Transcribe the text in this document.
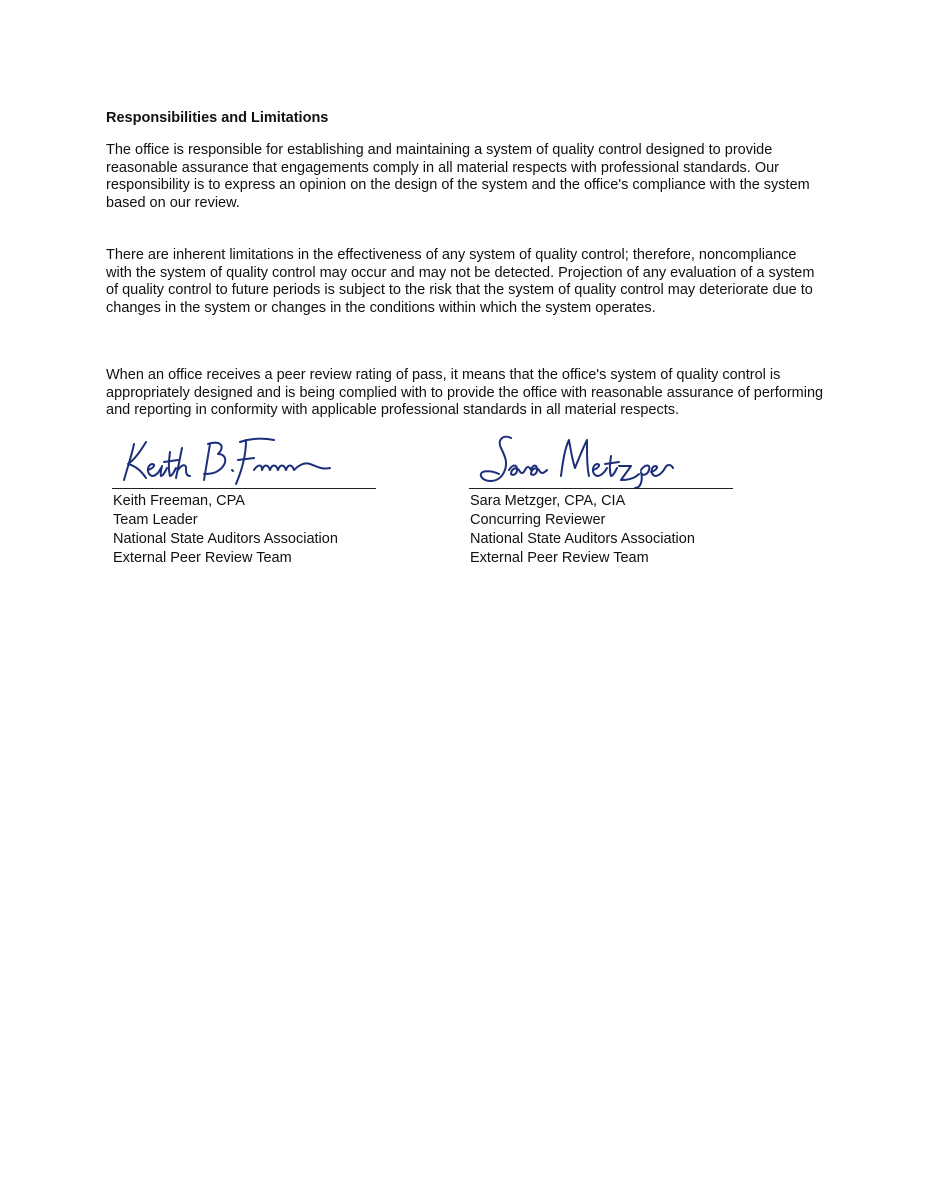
Responsibilities and Limitations

The office is responsible for establishing and maintaining a system of quality control designed to provide reasonable assurance that engagements comply in all material respects with professional standards. Our responsibility is to express an opinion on the design of the system and the office's compliance with the system based on our review.

There are inherent limitations in the effectiveness of any system of quality control; therefore, noncompliance with the system of quality control may occur and may not be detected. Projection of any evaluation of a system of quality control to future periods is subject to the risk that the system of quality control may deteriorate due to changes in the system or changes in the conditions within which the system operates.

When an office receives a peer review rating of pass, it means that the office's system of quality control is appropriately designed and is being complied with to provide the office with reasonable assurance of performing and reporting in conformity with applicable professional standards in all material respects.

Keith Freeman, CPA
Team Leader
National State Auditors Association
External Peer Review Team
Sara Metzger, CPA, CIA
Concurring Reviewer
National State Auditors Association
External Peer Review Team
